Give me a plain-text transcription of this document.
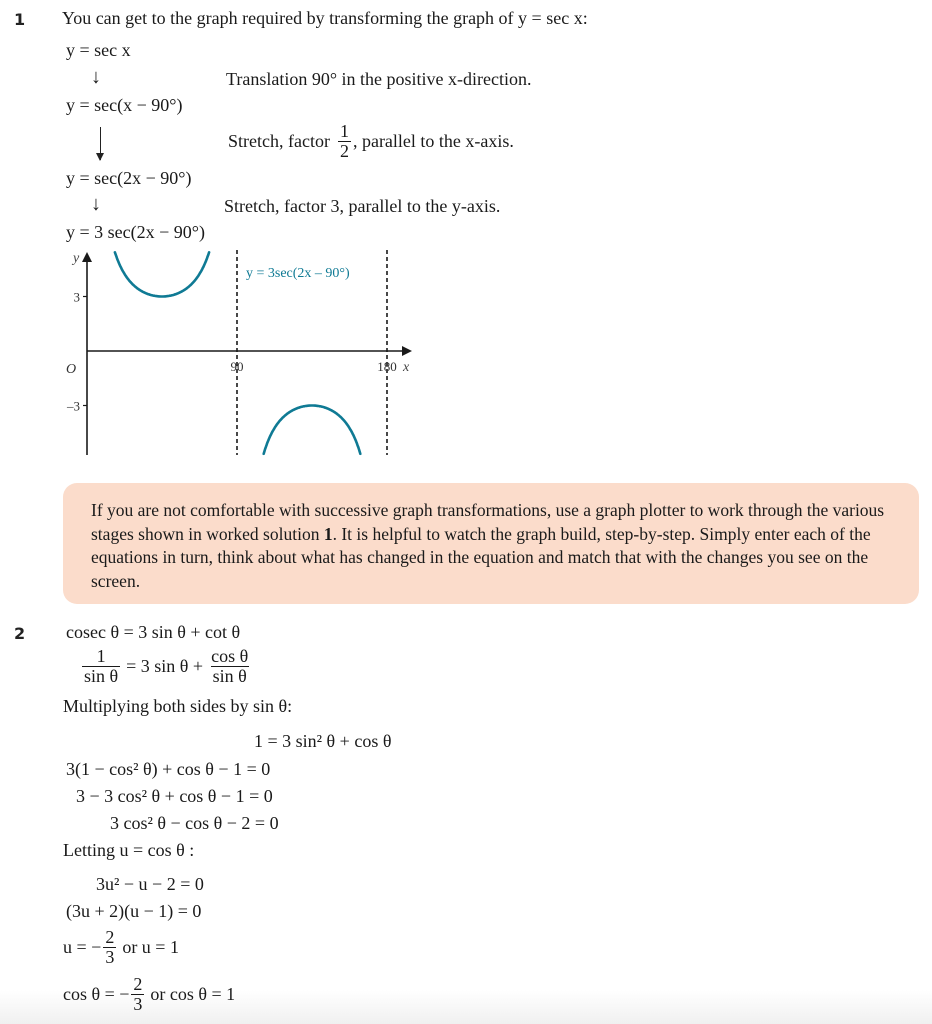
1 You can get to the graph required by transforming the graph of y = sec x:
y = sec x
↓	Translation 90° in the positive x-direction.
y = sec(x − 90°)
Stretch, factor $\frac{1}{2}$ , parallel to the x-axis.
y = sec(2x − 90°)
↓	Stretch, factor 3, parallel to the y-axis.
y = 3 sec(2x − 90°)
90	180
3
–3
x
y
O
y = 3sec(2x – 90°)
If you are not comfortable with successive graph transformations, use a graph plotter to work through the various stages shown in worked solution 1. It is helpful to watch the graph build, step-by-step. Simply enter each of the equations in turn, think about what has changed in the equation and match that with the changes you see on the screen.
2 cosec θ = 3 sin θ + cot θ
$\frac{1}{\text{sin θ}} = 3$ $\sin \theta + \frac{\text{cos θ}}{\text{sin θ}}$
Multiplying both sides by sin θ:
1 = 3 sin² θ + cos θ
3(1 − cos² θ) + cos θ − 1 = 0
3 − 3 cos² θ + cos θ − 1 = 0
3 cos² θ − cos θ − 2 = 0
Letting u = cos θ :
3u² − u − 2 = 0
(3u + 2)(u − 1) = 0
u = − $\frac{2}{3}$ or u = 1
cos θ = − $\frac{2}{3}$ or cos θ = 1
